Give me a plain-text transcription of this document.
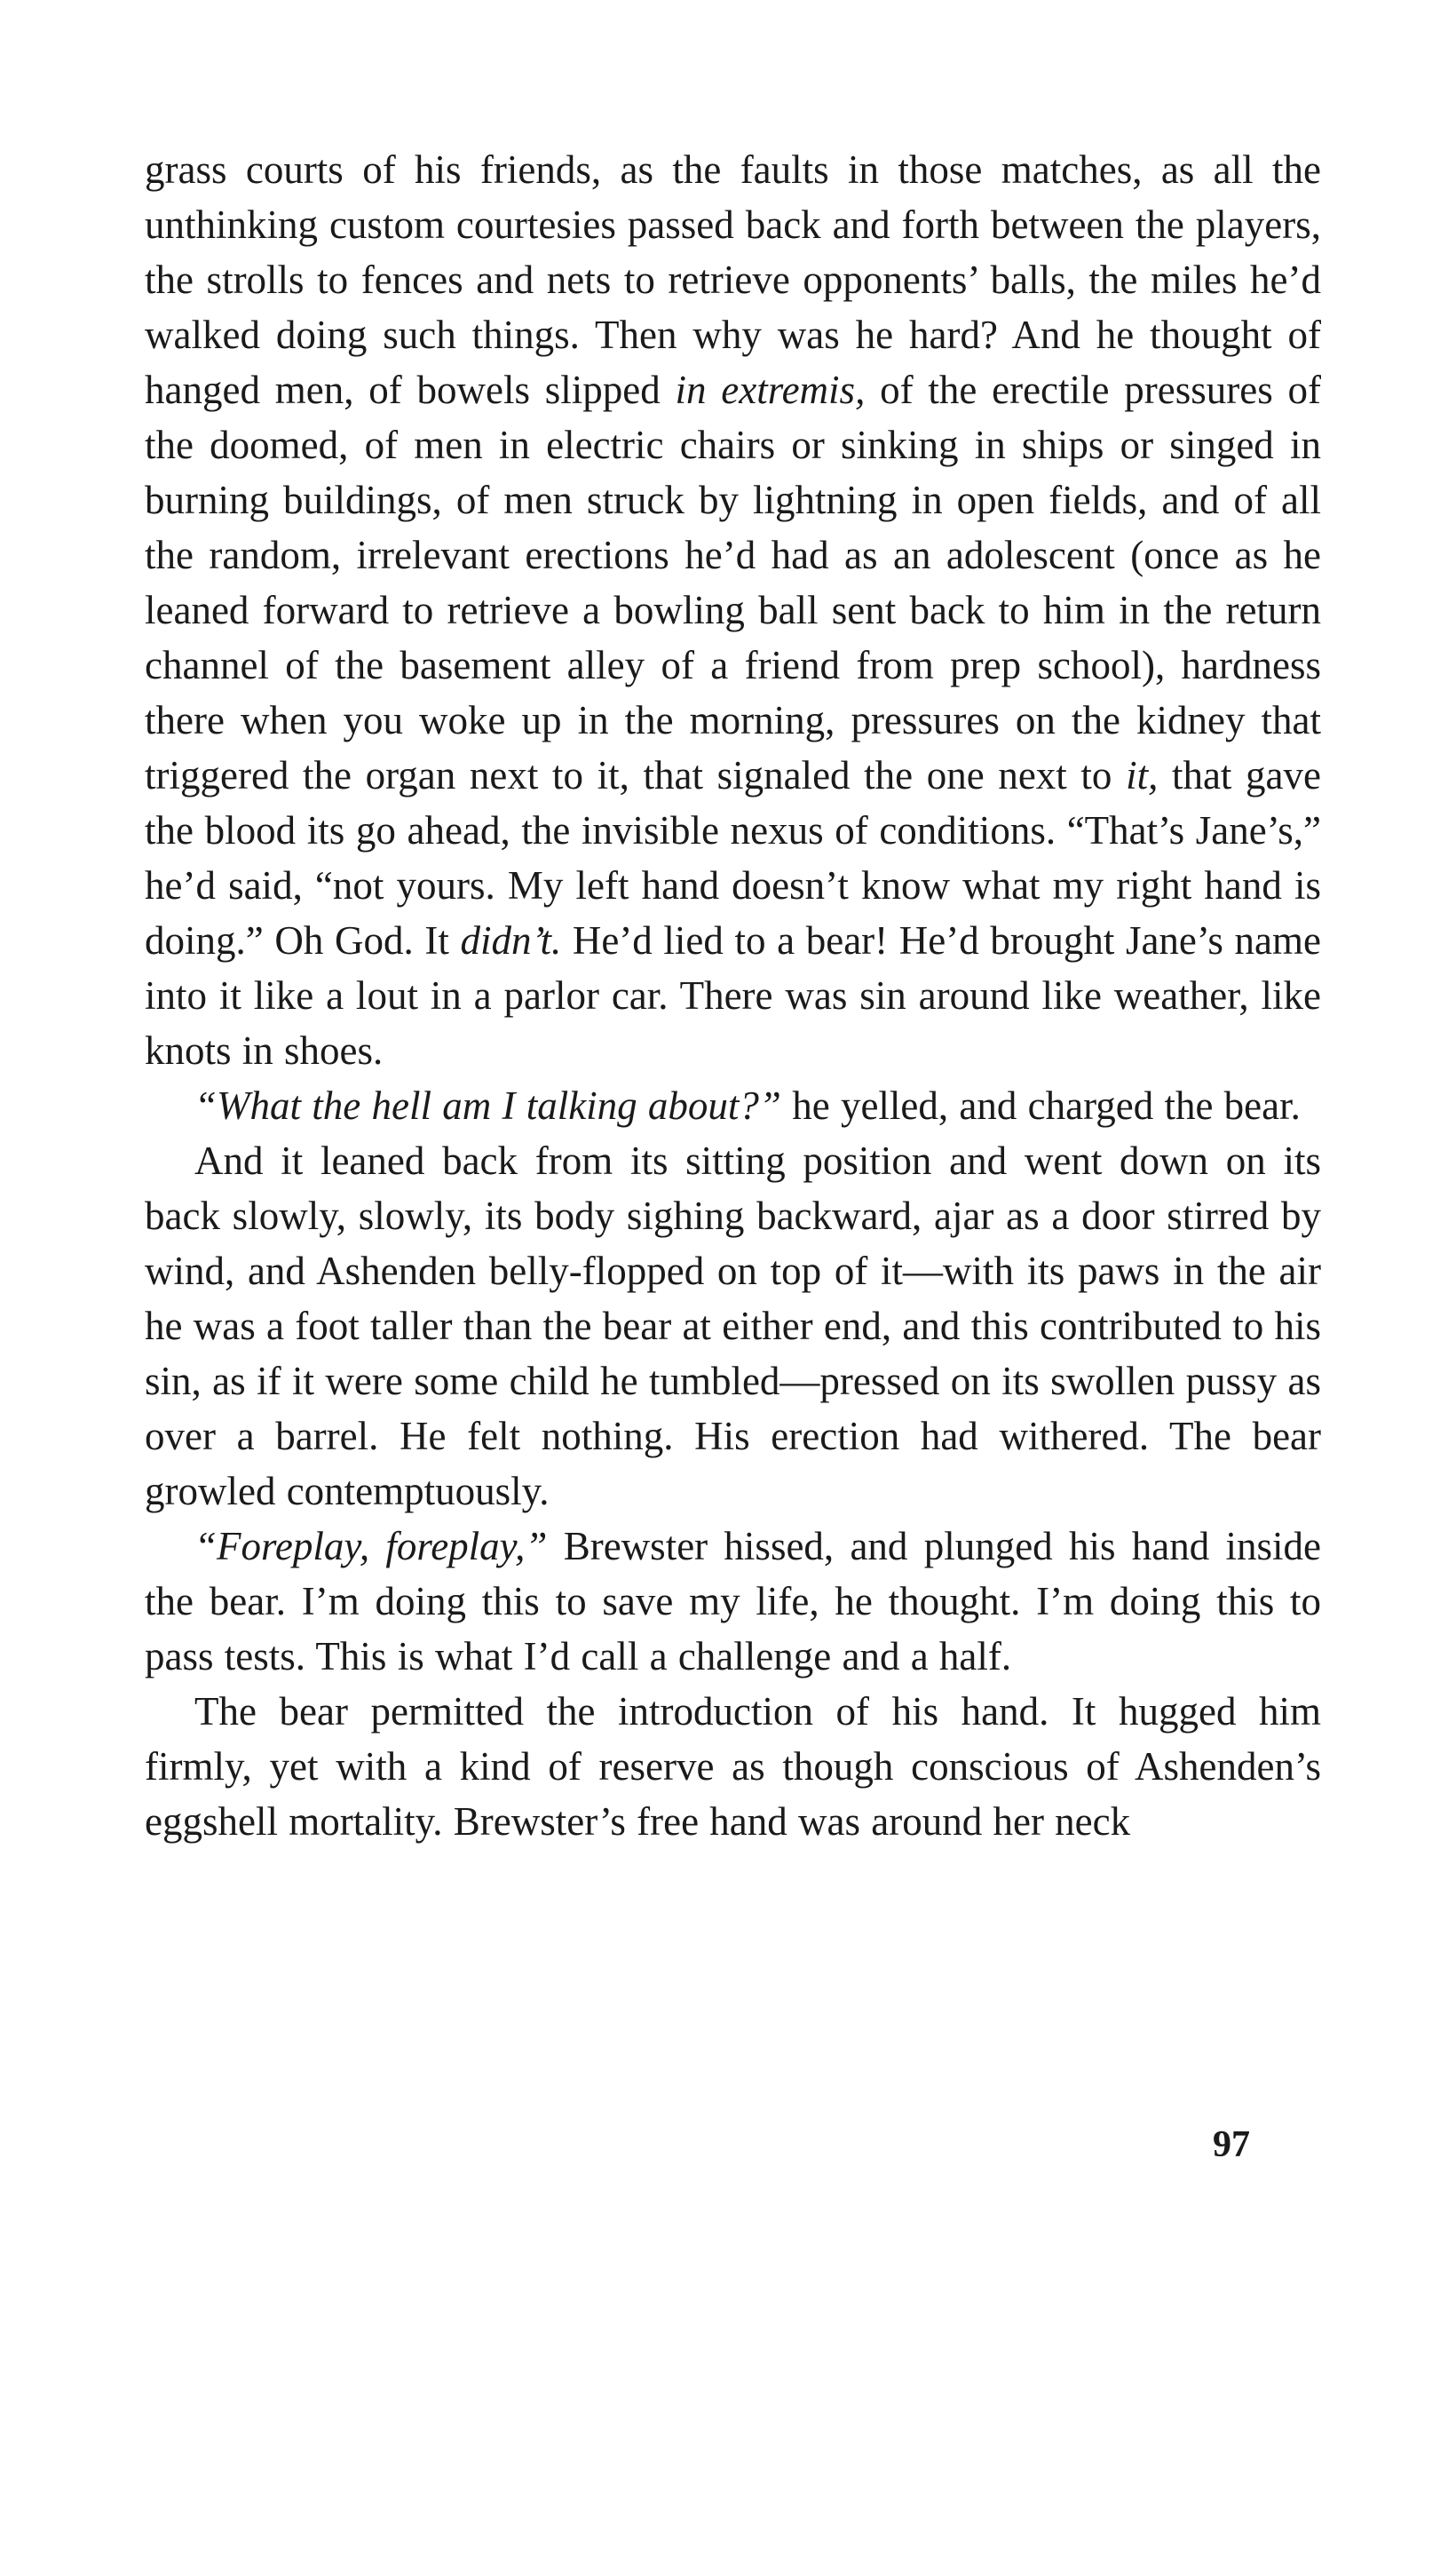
grass courts of his friends, as the faults in those matches, as all the unthinking custom courtesies passed back and forth between the players, the strolls to fences and nets to retrieve opponents’ balls, the miles he’d walked doing such things. Then why was he hard? And he thought of hanged men, of bowels slipped in extremis, of the erectile pressures of the doomed, of men in electric chairs or sinking in ships or singed in burning buildings, of men struck by lightning in open fields, and of all the random, irrelevant erections he’d had as an adolescent (once as he leaned forward to retrieve a bowling ball sent back to him in the return channel of the basement alley of a friend from prep school), hardness there when you woke up in the morning, pressures on the kidney that triggered the organ next to it, that signaled the one next to it, that gave the blood its go ahead, the invisible nexus of conditions. “That’s Jane’s,” he’d said, “not yours. My left hand doesn’t know what my right hand is doing.” Oh God. It didn’t. He’d lied to a bear! He’d brought Jane’s name into it like a lout in a parlor car. There was sin around like weather, like knots in shoes.

“What the hell am I talking about?” he yelled, and charged the bear.

And it leaned back from its sitting position and went down on its back slowly, slowly, its body sighing backward, ajar as a door stirred by wind, and Ashenden belly-flopped on top of it—with its paws in the air he was a foot taller than the bear at either end, and this contributed to his sin, as if it were some child he tumbled—pressed on its swollen pussy as over a barrel. He felt nothing. His erection had withered. The bear growled contemptuously.

“Foreplay, foreplay,” Brewster hissed, and plunged his hand inside the bear. I’m doing this to save my life, he thought. I’m doing this to pass tests. This is what I’d call a challenge and a half.

The bear permitted the introduction of his hand. It hugged him firmly, yet with a kind of reserve as though conscious of Ashenden’s eggshell mortality. Brewster’s free hand was around her neck

97
